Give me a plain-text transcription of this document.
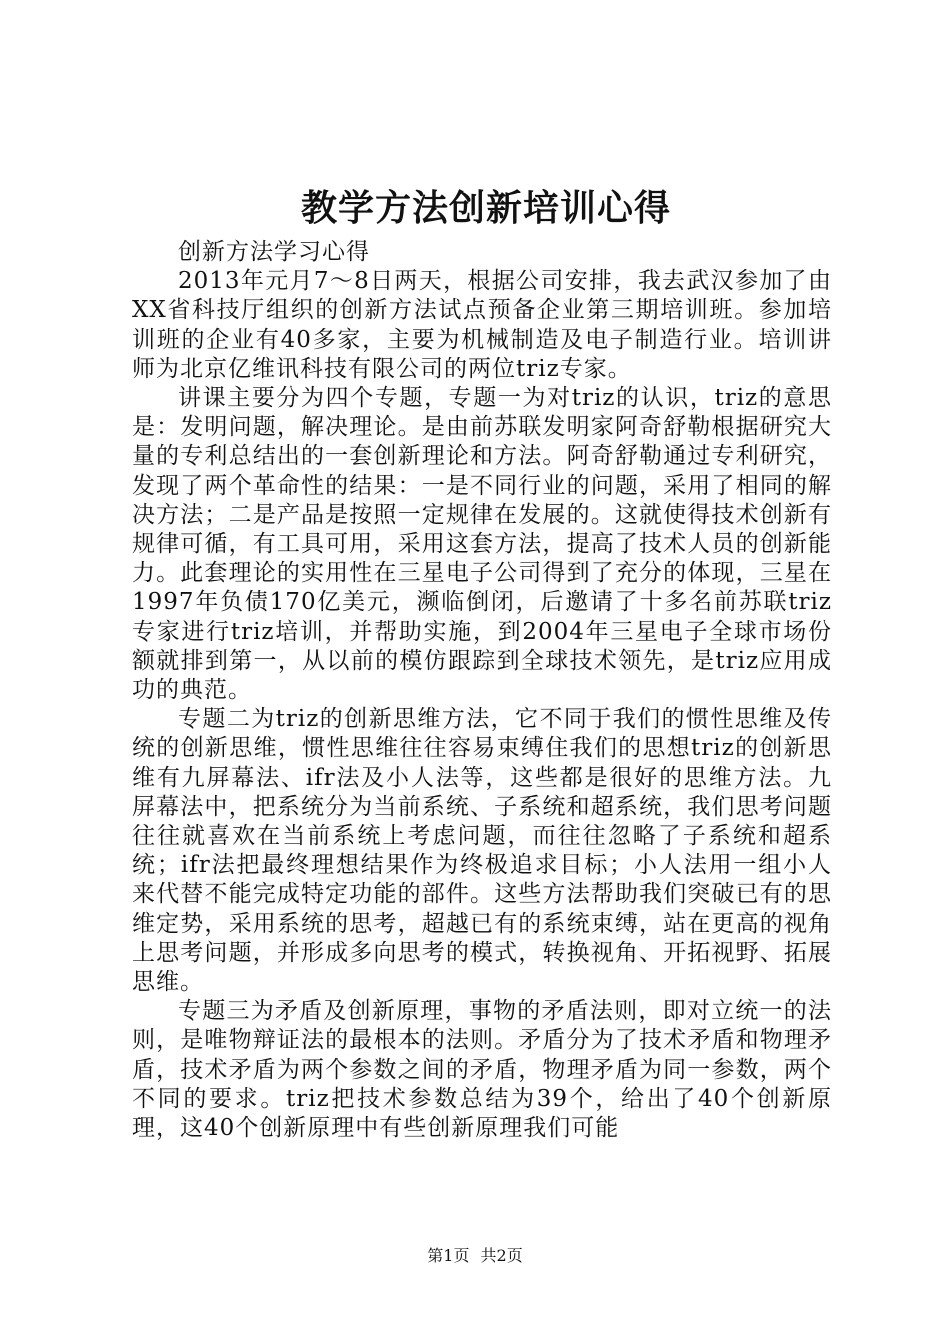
教学方法创新培训心得

创新方法学习心得

2013年元月7～8日两天，根据公司安排，我去武汉参加了由XX省科技厅组织的创新方法试点预备企业第三期培训班。参加培训班的企业有40多家，主要为机械制造及电子制造行业。培训讲师为北京亿维讯科技有限公司的两位triz专家。

讲课主要分为四个专题，专题一为对triz的认识，triz的意思是：发明问题，解决理论。是由前苏联发明家阿奇舒勒根据研究大量的专利总结出的一套创新理论和方法。阿奇舒勒通过专利研究，发现了两个革命性的结果：一是不同行业的问题，采用了相同的解决方法；二是产品是按照一定规律在发展的。这就使得技术创新有规律可循，有工具可用，采用这套方法，提高了技术人员的创新能力。此套理论的实用性在三星电子公司得到了充分的体现，三星在1997年负债170亿美元，濒临倒闭，后邀请了十多名前苏联triz专家进行triz培训，并帮助实施，到2004年三星电子全球市场份额就排到第一，从以前的模仿跟踪到全球技术领先，是triz应用成功的典范。

专题二为triz的创新思维方法，它不同于我们的惯性思维及传统的创新思维，惯性思维往往容易束缚住我们的思想triz的创新思维有九屏幕法、ifr法及小人法等，这些都是很好的思维方法。九屏幕法中，把系统分为当前系统、子系统和超系统，我们思考问题往往就喜欢在当前系统上考虑问题，而往往忽略了子系统和超系统；ifr法把最终理想结果作为终极追求目标；小人法用一组小人来代替不能完成特定功能的部件。这些方法帮助我们突破已有的思维定势，采用系统的思考，超越已有的系统束缚，站在更高的视角上思考问题，并形成多向思考的模式，转换视角、开拓视野、拓展思维。

专题三为矛盾及创新原理，事物的矛盾法则，即对立统一的法则，是唯物辩证法的最根本的法则。矛盾分为了技术矛盾和物理矛盾，技术矛盾为两个参数之间的矛盾，物理矛盾为同一参数，两个不同的要求。triz把技术参数总结为39个，给出了40个创新原理，这40个创新原理中有些创新原理我们可能

第1页 共2页
